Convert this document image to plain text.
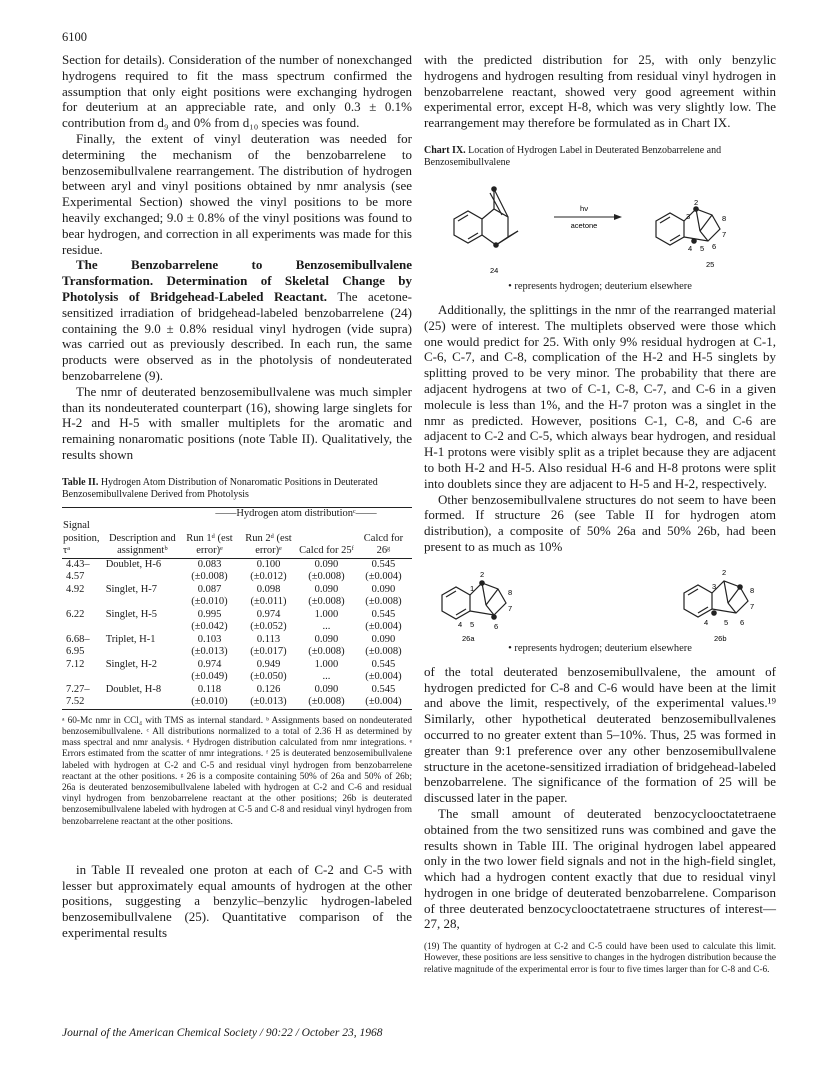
6100

Section for details). Consideration of the number of nonexchanged hydrogens required to fit the mass spectrum confirmed the assumption that only eight positions were exchanging hydrogen for deuterium at an appreciable rate, and only 0.3 ± 0.1% contribution from d₉ and 0% from d₁₀ species was found.

Finally, the extent of vinyl deuteration was needed for determining the mechanism of the benzobarrelene to benzosemibullvalene rearrangement. The distribution of hydrogen between aryl and vinyl positions obtained by nmr analysis (see Experimental Section) showed the vinyl positions to be more heavily exchanged; 9.0 ± 0.8% of the vinyl positions was found to bear hydrogen, and correction in all experiments was made for this residue.

The Benzobarrelene to Benzosemibullvalene Transformation. Determination of Skeletal Change by Photolysis of Bridgehead-Labeled Reactant. The acetone-sensitized irradiation of bridgehead-labeled benzobarrelene (24) containing the 9.0 ± 0.8% residual vinyl hydrogen (vide supra) was carried out as previously described. In each run, the same products were observed as in the photolysis of nondeuterated benzobarrelene (9).

The nmr of deuterated benzosemibullvalene was much simpler than its nondeuterated counterpart (16), showing large singlets for H-2 and H-5 with smaller multiplets for the aromatic and remaining nonaromatic positions (note Table II). Qualitatively, the results shown

Table II. Hydrogen Atom Distribution of Nonaromatic Positions in Deuterated Benzosemibullvalene Derived from Photolysis
		——Hydrogen atom distributionᶜ——			
Signal position, τᵃ	Description and assignmentᵇ	Run 1ᵈ (est error)ᵉ	Run 2ᵈ (est error)ᵉ	Calcd for 25ᶠ	Calcd for 26ᵍ
4.43–	Doublet, H-6	0.083	0.100	0.090	0.545
4.57		(±0.008)	(±0.012)	(±0.008)	(±0.004)
4.92	Singlet, H-7	0.087	0.098	0.090	0.090
		(±0.010)	(±0.011)	(±0.008)	(±0.008)
6.22	Singlet, H-5	0.995	0.974	1.000	0.545
		(±0.042)	(±0.052)	...	(±0.004)
6.68–	Triplet, H-1	0.103	0.113	0.090	0.090
6.95		(±0.013)	(±0.017)	(±0.008)	(±0.008)
7.12	Singlet, H-2	0.974	0.949	1.000	0.545
		(±0.049)	(±0.050)	...	(±0.004)
7.27–	Doublet, H-8	0.118	0.126	0.090	0.545
7.52		(±0.010)	(±0.013)	(±0.008)	(±0.004)
ᵃ 60-Mc nmr in CCl₄ with TMS as internal standard. ᵇ Assignments based on nondeuterated benzosemibullvalene. ᶜ All distributions normalized to a total of 2.36 H as determined by mass spectral and nmr analysis. ᵈ Hydrogen distribution calculated from nmr integrations. ᵉ Errors estimated from the scatter of nmr integrations. ᶠ 25 is deuterated benzosemibullvalene labeled with hydrogen at C-2 and C-5 and residual vinyl hydrogen from benzobarrelene reactant at the other positions. ᵍ 26 is a composite containing 50% of 26a and 50% of 26b; 26a is deuterated benzosemibullvalene labeled with hydrogen at C-2 and C-6 and residual vinyl hydrogen from benzobarrelene reactant at the other positions; 26b is deuterated benzosemibullvalene labeled with hydrogen at C-5 and C-8 and residual vinyl hydrogen from benzobarrelene reactant at the other positions.

in Table II revealed one proton at each of C-2 and C-5 with lesser but approximately equal amounts of hydrogen at the other positions, suggesting a benzylic–benzylic hydrogen-labeled benzosemibullvalene (25). Quantitative comparison of the experimental results

with the predicted distribution for 25, with only benzylic hydrogens and hydrogen resulting from residual vinyl hydrogen in benzobarrelene reactant, showed very good agreement within experimental error, except H-8, which was very slightly low. The rearrangement may therefore be formulated as in Chart IX.

Chart IX. Location of Hydrogen Label in Deuterated Benzobarrelene and Benzosemibullvalene
24
hν
acetone
2
3	8
7
4 5 6
25
• represents hydrogen; deuterium elsewhere

Additionally, the splittings in the nmr of the rearranged material (25) were of interest. The multiplets observed were those which one would predict for 25. With only 9% residual hydrogen at C-1, C-6, C-7, and C-8, complication of the H-2 and H-5 singlets by splitting proved to be very minor. The probability that there are adjacent hydrogens at two of C-1, C-8, C-7, and C-6 in a given molecule is less than 1%, and the H-7 proton was a singlet in the nmr as predicted. However, positions C-1, C-8, and C-6 are adjacent to C-2 and C-5, which always bear hydrogen, and residual H-1 protons were visibly split as a triplet because they are adjacent to both H-2 and H-5. Also residual H-6 and H-8 protons were split into doublets since they are adjacent to H-5 and H-2, respectively.

Other benzosemibullvalene structures do not seem to have been formed. If structure 26 (see Table II for hydrogen atom distribution), a composite of 50% 26a and 50% 26b, had been present to as much as 10%

2
1	8
7
4 5	6
26a
2
3	8
7
4 5 6
26b
• represents hydrogen; deuterium elsewhere

of the total deuterated benzosemibullvalene, the amount of hydrogen predicted for C-8 and C-6 would have been at the limit and above the limit, respectively, of the experimental values.¹⁹ Similarly, other hypothetical deuterated benzosemibullvalenes occurred to no greater extent than 5–10%. Thus, 25 was formed in greater than 9:1 preference over any other benzosemibullvalene structure in the acetone-sensitized irradiation of bridgehead-labeled benzobarrelene. The significance of the formation of 25 will be discussed later in the paper.

The small amount of deuterated benzocyclooctatetraene obtained from the two sensitized runs was combined and gave the results shown in Table III. The original hydrogen label appeared only in the two lower field signals and not in the high-field singlet, which had a hydrogen content exactly that due to residual vinyl hydrogen in one bridge of deuterated benzobarrelene. Comparison of three deuterated benzocyclooctatetraene structures of interest—27, 28,

(19) The quantity of hydrogen at C-2 and C-5 could have been used to calculate this limit. However, these positions are less sensitive to changes in the hydrogen distribution because the relative magnitude of the experimental error is four to five times larger than for C-8 and C-6.
Journal of the American Chemical Society / 90:22 / October 23, 1968
